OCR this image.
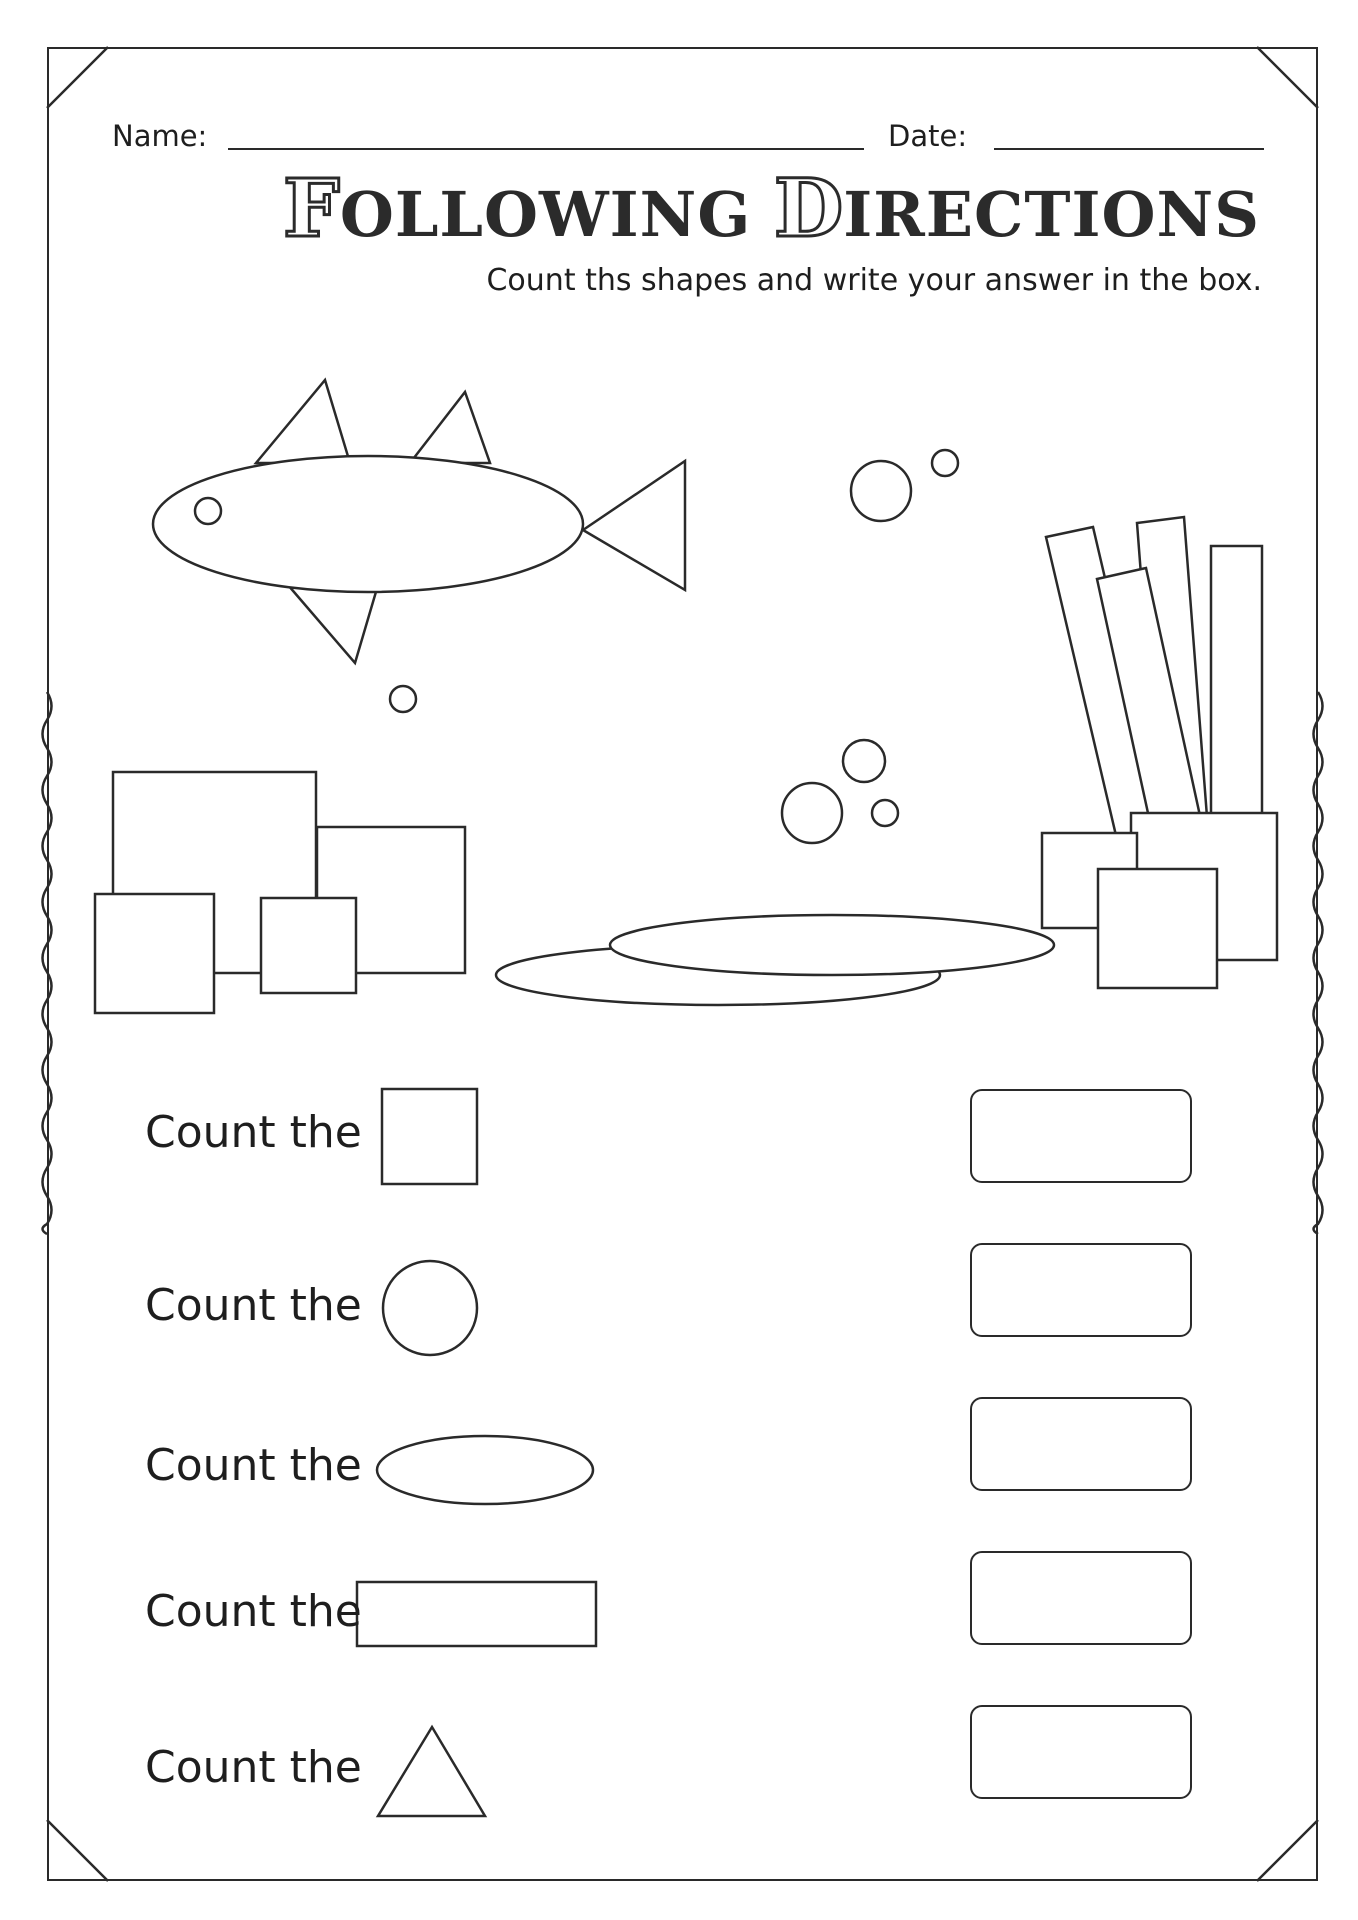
Name:	Date:
FOLLOWING DIRECTIONS
Count ths shapes and write your answer in the box.
Count the
Count the
Count the
Count the
Count the
